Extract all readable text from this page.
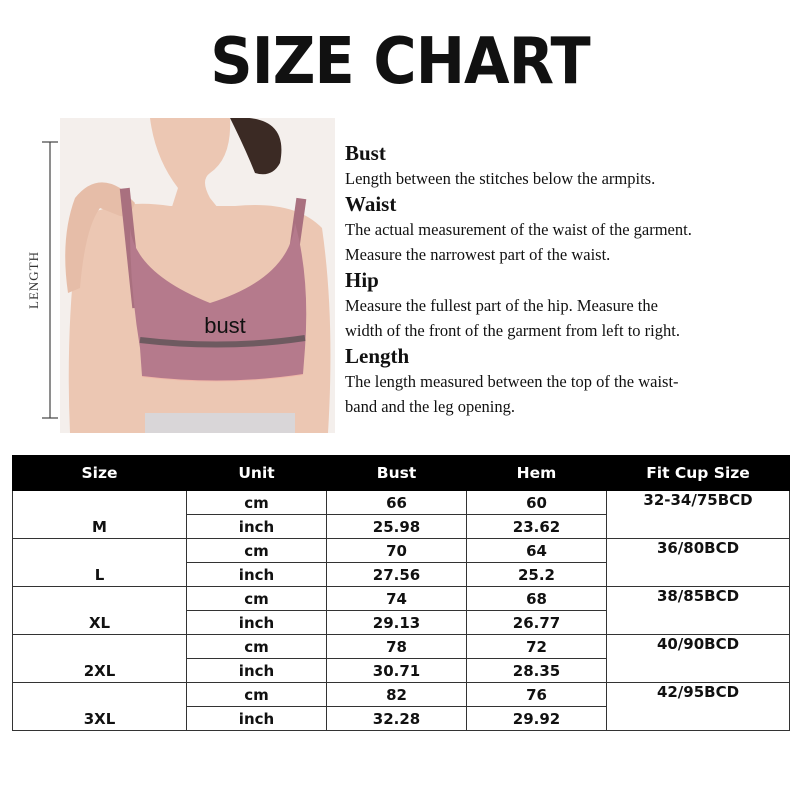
SIZE CHART
LENGTH
bust
Bust
Length between the stitches below the armpits.
Waist
The actual measurement of the waist of the garment.
Measure the narrowest part of the waist.
Hip
Measure the fullest part of the hip. Measure the
width of the front of the garment from left to right.
Length
The length measured between the top of the waist-
band and the leg opening.
Size	Unit	Bust	Hem	Fit Cup Size
M	cm	66	60	32-34/75BCD
	inch	25.98	23.62	
L	cm	70	64	36/80BCD
	inch	27.56	25.2	
XL	cm	74	68	38/85BCD
	inch	29.13	26.77	
2XL	cm	78	72	40/90BCD
	inch	30.71	28.35	
3XL	cm	82	76	42/95BCD
	inch	32.28	29.92	
